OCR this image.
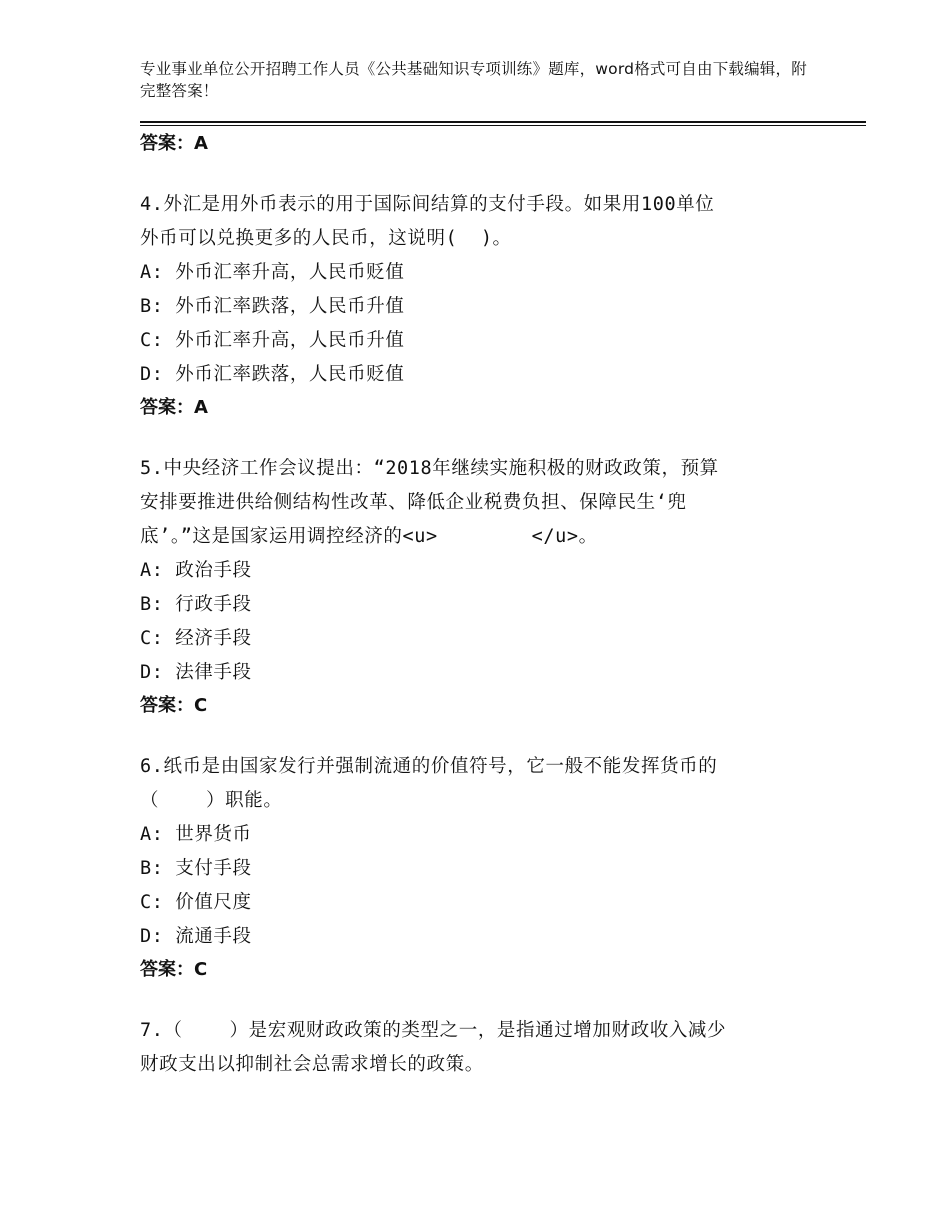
专业事业单位公开招聘工作人员《公共基础知识专项训练》题库，word格式可自由下载编辑，附完整答案！

答案：A

4.外汇是用外币表示的用于国际间结算的支付手段。如果用100单位

外币可以兑换更多的人民币，这说明(  )。

A: 外币汇率升高，人民币贬值

B: 外币汇率跌落，人民币升值

C: 外币汇率升高，人民币升值

D: 外币汇率跌落，人民币贬值

答案：A

5.中央经济工作会议提出：“2018年继续实施积极的财政政策，预算

安排要推进供给侧结构性改革、降低企业税费负担、保障民生‘兜

底’。”这是国家运用调控经济的<u>        </u>。

A: 政治手段

B: 行政手段

C: 经济手段

D: 法律手段

答案：C

6.纸币是由国家发行并强制流通的价值符号，它一般不能发挥货币的

（    ）职能。

A: 世界货币

B: 支付手段

C: 价值尺度

D: 流通手段

答案：C

7.（    ）是宏观财政政策的类型之一，是指通过增加财政收入减少

财政支出以抑制社会总需求增长的政策。
